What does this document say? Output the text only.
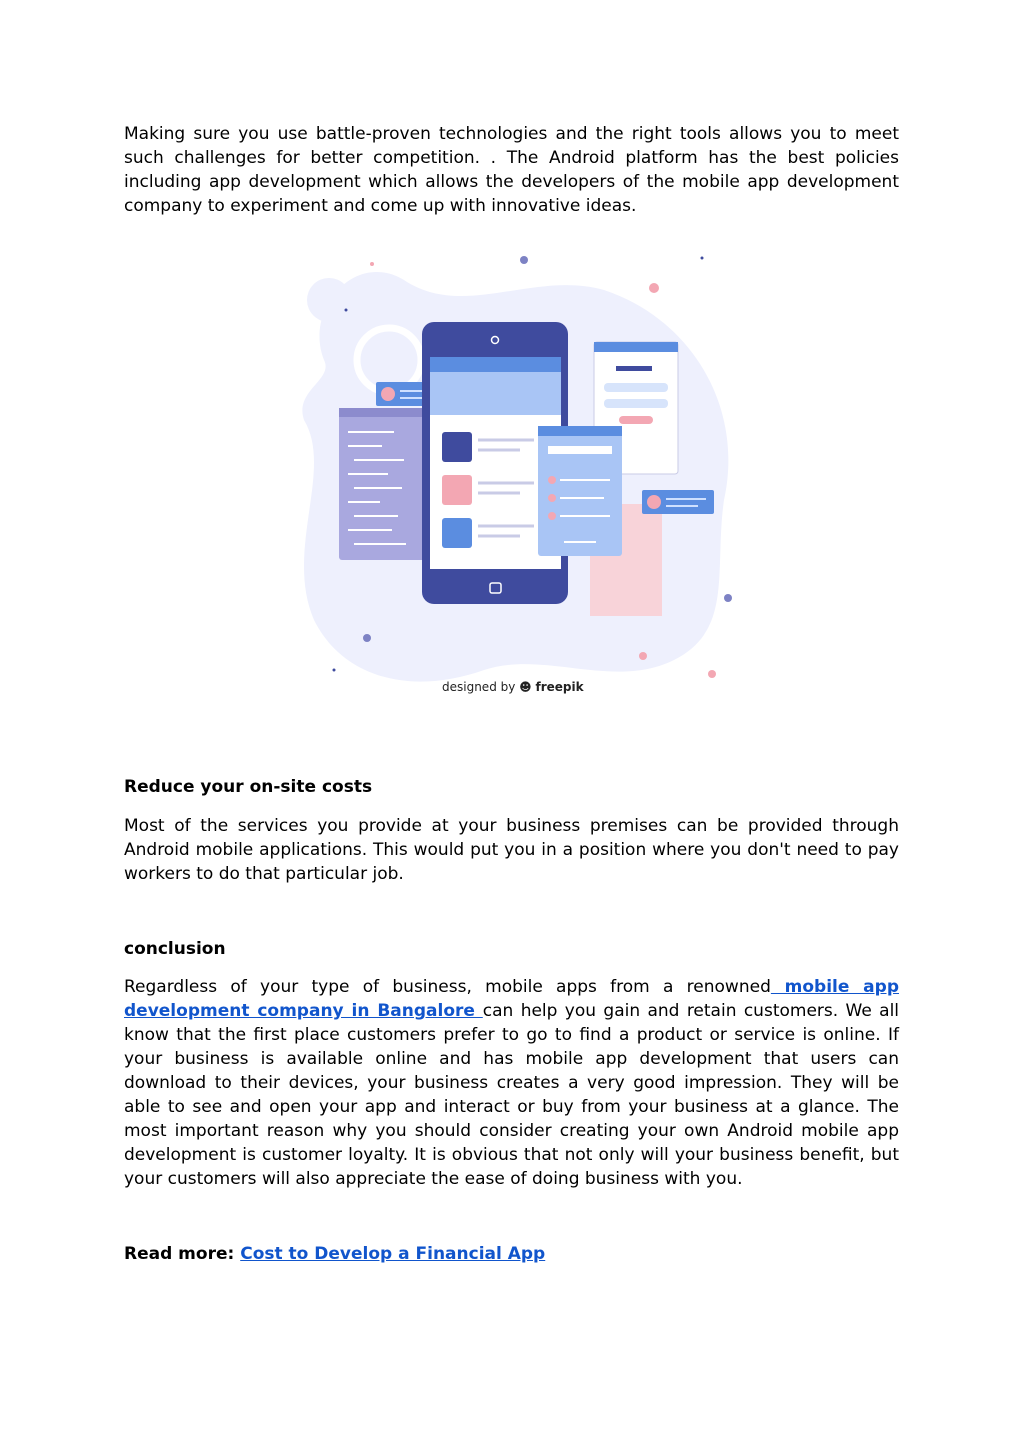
Making sure you use battle-proven technologies and the right tools allows you to meet such challenges for better competition. . The Android platform has the best policies including app development which allows the developers of the mobile app development company to experiment and come up with innovative ideas.

designed by ☻ freepik
Reduce your on-site costs

Most of the services you provide at your business premises can be provided through Android mobile applications. This would put you in a position where you don't need to pay workers to do that particular job.

conclusion

Regardless of your type of business, mobile apps from a renowned mobile app development company in Bangalore can help you gain and retain customers. We all know that the first place customers prefer to go to find a product or service is online. If your business is available online and has mobile app development that users can download to their devices, your business creates a very good impression. They will be able to see and open your app and interact or buy from your business at a glance. The most important reason why you should consider creating your own Android mobile app development is customer loyalty. It is obvious that not only will your business benefit, but your customers will also appreciate the ease of doing business with you.

Read more: Cost to Develop a Financial App
